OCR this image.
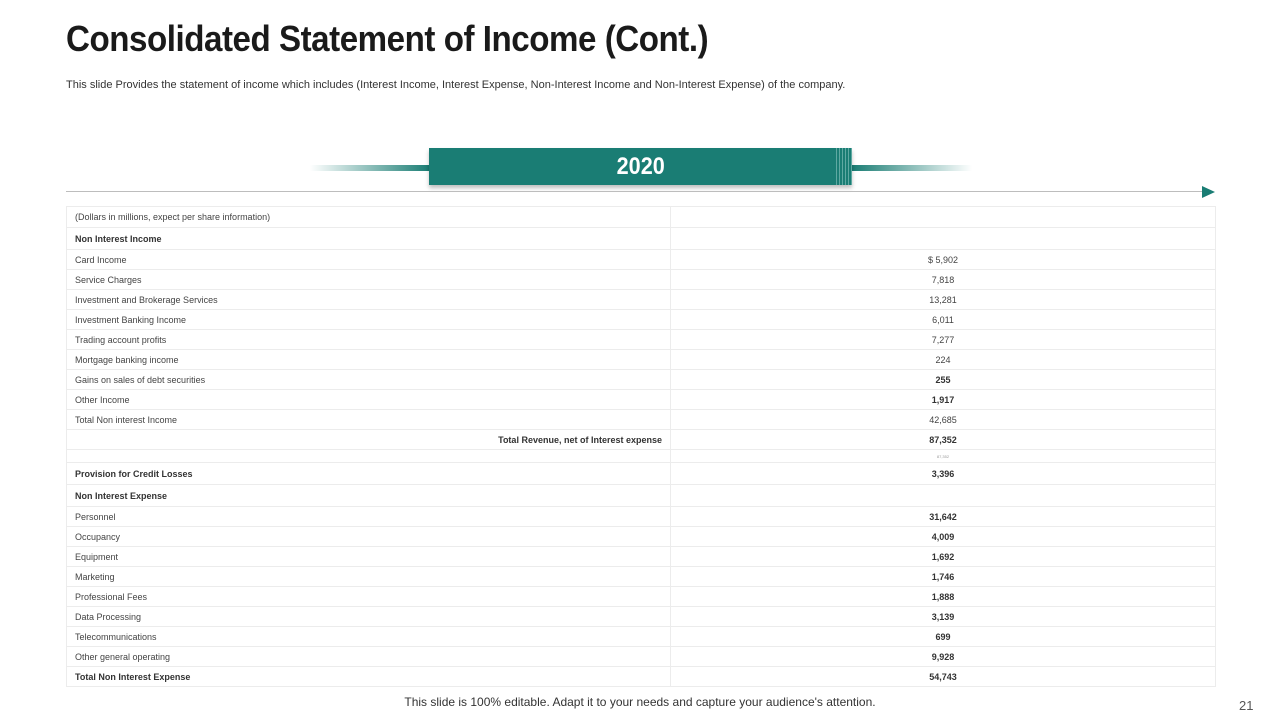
Consolidated Statement of Income (Cont.)
This slide Provides the statement of income which includes (Interest Income, Interest Expense, Non-Interest Income and Non-Interest Expense) of the company.
2020
(Dollars in millions, expect per share information)	
Non Interest Income	
Card Income	$ 5,902
Service Charges	7,818
Investment and Brokerage Services	13,281
Investment Banking Income	6,011
Trading account profits	7,277
Mortgage banking income	224
Gains on sales of debt securities	255
Other Income	1,917
Total Non interest Income	42,685
Total Revenue, net of Interest expense	87,352
	87,352
Provision for Credit Losses	3,396
Non Interest Expense	
Personnel	31,642
Occupancy	4,009
Equipment	1,692
Marketing	1,746
Professional Fees	1,888
Data Processing	3,139
Telecommunications	699
Other general operating	9,928
Total Non Interest Expense	54,743
This slide is 100% editable. Adapt it to your needs and capture your audience's attention.	21
